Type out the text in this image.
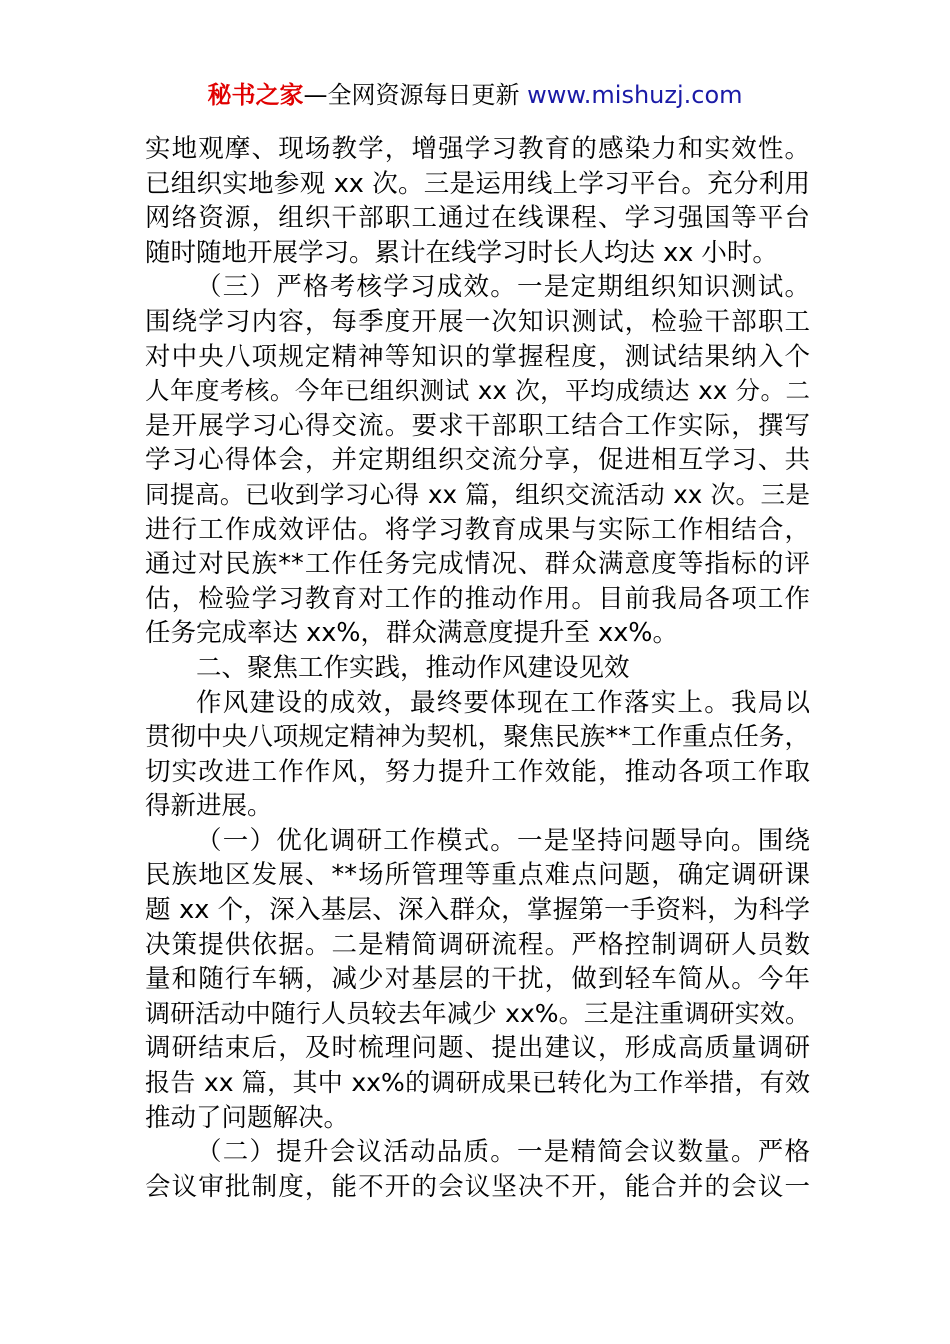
秘书之家—全网资源每日更新 www.mishuzj.com
实地观摩、现场教学，增强学习教育的感染力和实效性。
已组织实地参观 xx 次。三是运用线上学习平台。充分利用
网络资源，组织干部职工通过在线课程、学习强国等平台
随时随地开展学习。累计在线学习时长人均达 xx 小时。
（三）严格考核学习成效。一是定期组织知识测试。
围绕学习内容，每季度开展一次知识测试，检验干部职工
对中央八项规定精神等知识的掌握程度，测试结果纳入个
人年度考核。今年已组织测试 xx 次，平均成绩达 xx 分。二
是开展学习心得交流。要求干部职工结合工作实际，撰写
学习心得体会，并定期组织交流分享，促进相互学习、共
同提高。已收到学习心得 xx 篇，组织交流活动 xx 次。三是
进行工作成效评估。将学习教育成果与实际工作相结合，
通过对民族**工作任务完成情况、群众满意度等指标的评
估，检验学习教育对工作的推动作用。目前我局各项工作
任务完成率达 xx%，群众满意度提升至 xx%。
二、聚焦工作实践，推动作风建设见效
作风建设的成效，最终要体现在工作落实上。我局以
贯彻中央八项规定精神为契机，聚焦民族**工作重点任务，
切实改进工作作风，努力提升工作效能，推动各项工作取
得新进展。
（一）优化调研工作模式。一是坚持问题导向。围绕
民族地区发展、**场所管理等重点难点问题，确定调研课
题 xx 个，深入基层、深入群众，掌握第一手资料，为科学
决策提供依据。二是精简调研流程。严格控制调研人员数
量和随行车辆，减少对基层的干扰，做到轻车简从。今年
调研活动中随行人员较去年减少 xx%。三是注重调研实效。
调研结束后，及时梳理问题、提出建议，形成高质量调研
报告 xx 篇，其中 xx%的调研成果已转化为工作举措，有效
推动了问题解决。
（二）提升会议活动品质。一是精简会议数量。严格
会议审批制度，能不开的会议坚决不开，能合并的会议一
